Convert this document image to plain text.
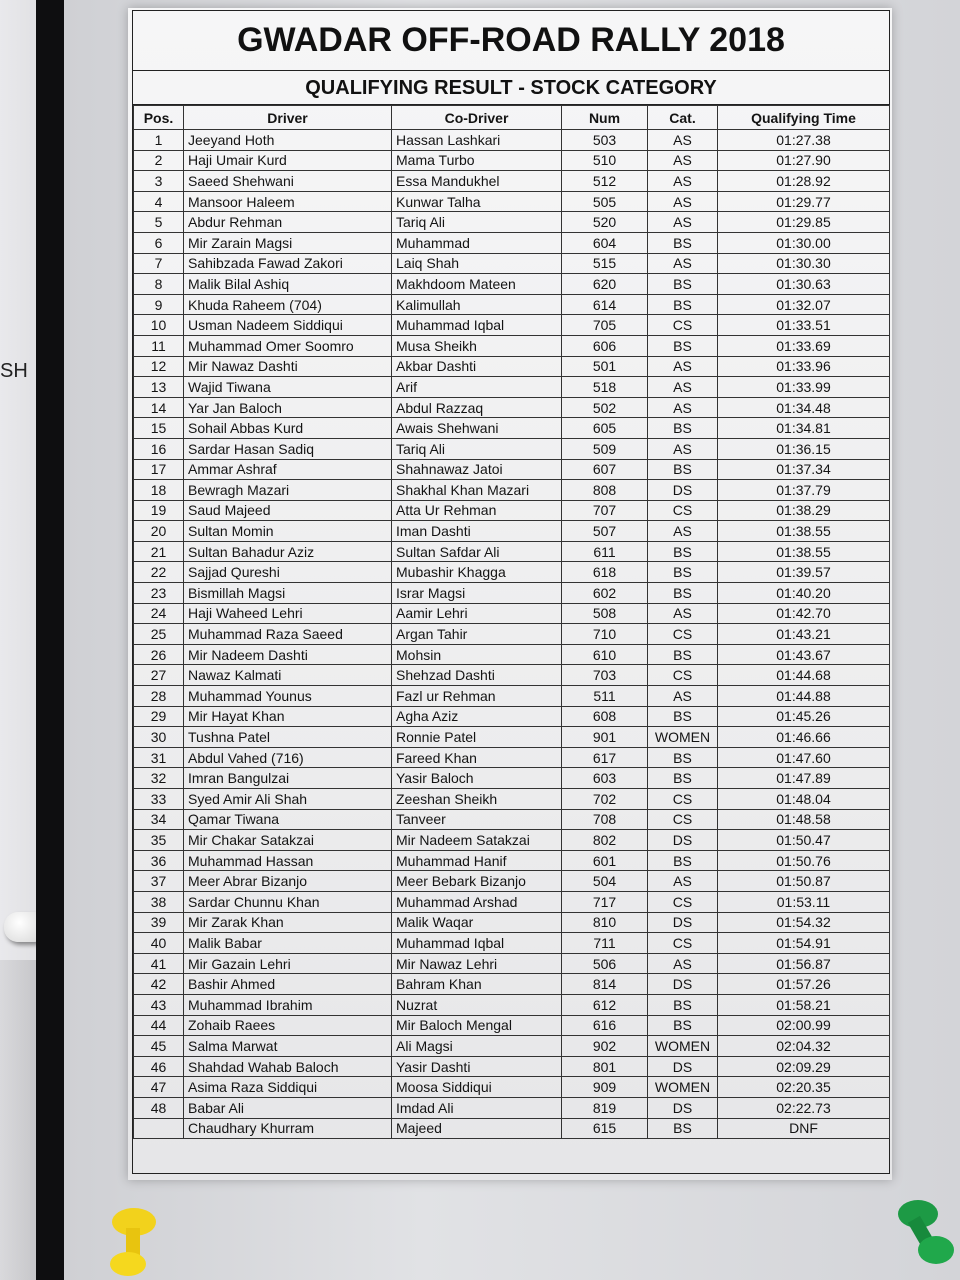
SH
GWADAR OFF-ROAD RALLY 2018
QUALIFYING RESULT - STOCK CATEGORY
Pos.	Driver	Co-Driver	Num	Cat.	Qualifying Time
1	Jeeyand Hoth	Hassan Lashkari	503	AS	01:27.38
2	Haji Umair Kurd	Mama Turbo	510	AS	01:27.90
3	Saeed Shehwani	Essa Mandukhel	512	AS	01:28.92
4	Mansoor Haleem	Kunwar Talha	505	AS	01:29.77
5	Abdur Rehman	Tariq Ali	520	AS	01:29.85
6	Mir Zarain Magsi	Muhammad	604	BS	01:30.00
7	Sahibzada Fawad Zakori	Laiq Shah	515	AS	01:30.30
8	Malik Bilal Ashiq	Makhdoom Mateen	620	BS	01:30.63
9	Khuda Raheem (704)	Kalimullah	614	BS	01:32.07
10	Usman Nadeem Siddiqui	Muhammad Iqbal	705	CS	01:33.51
11	Muhammad Omer Soomro	Musa Sheikh	606	BS	01:33.69
12	Mir Nawaz Dashti	Akbar Dashti	501	AS	01:33.96
13	Wajid Tiwana	Arif	518	AS	01:33.99
14	Yar Jan Baloch	Abdul Razzaq	502	AS	01:34.48
15	Sohail Abbas Kurd	Awais Shehwani	605	BS	01:34.81
16	Sardar Hasan Sadiq	Tariq Ali	509	AS	01:36.15
17	Ammar Ashraf	Shahnawaz Jatoi	607	BS	01:37.34
18	Bewragh Mazari	Shakhal Khan Mazari	808	DS	01:37.79
19	Saud Majeed	Atta Ur Rehman	707	CS	01:38.29
20	Sultan Momin	Iman Dashti	507	AS	01:38.55
21	Sultan Bahadur Aziz	Sultan Safdar Ali	611	BS	01:38.55
22	Sajjad Qureshi	Mubashir Khagga	618	BS	01:39.57
23	Bismillah Magsi	Israr Magsi	602	BS	01:40.20
24	Haji Waheed Lehri	Aamir Lehri	508	AS	01:42.70
25	Muhammad Raza Saeed	Argan Tahir	710	CS	01:43.21
26	Mir Nadeem Dashti	Mohsin	610	BS	01:43.67
27	Nawaz Kalmati	Shehzad Dashti	703	CS	01:44.68
28	Muhammad Younus	Fazl ur Rehman	511	AS	01:44.88
29	Mir Hayat Khan	Agha Aziz	608	BS	01:45.26
30	Tushna Patel	Ronnie Patel	901	WOMEN	01:46.66
31	Abdul Vahed (716)	Fareed Khan	617	BS	01:47.60
32	Imran Bangulzai	Yasir Baloch	603	BS	01:47.89
33	Syed Amir Ali Shah	Zeeshan Sheikh	702	CS	01:48.04
34	Qamar Tiwana	Tanveer	708	CS	01:48.58
35	Mir Chakar Satakzai	Mir Nadeem Satakzai	802	DS	01:50.47
36	Muhammad Hassan	Muhammad Hanif	601	BS	01:50.76
37	Meer Abrar Bizanjo	Meer Bebark Bizanjo	504	AS	01:50.87
38	Sardar Chunnu Khan	Muhammad Arshad	717	CS	01:53.11
39	Mir Zarak Khan	Malik Waqar	810	DS	01:54.32
40	Malik Babar	Muhammad Iqbal	711	CS	01:54.91
41	Mir Gazain Lehri	Mir Nawaz Lehri	506	AS	01:56.87
42	Bashir Ahmed	Bahram Khan	814	DS	01:57.26
43	Muhammad Ibrahim	Nuzrat	612	BS	01:58.21
44	Zohaib Raees	Mir Baloch Mengal	616	BS	02:00.99
45	Salma Marwat	Ali Magsi	902	WOMEN	02:04.32
46	Shahdad Wahab Baloch	Yasir Dashti	801	DS	02:09.29
47	Asima Raza Siddiqui	Moosa Siddiqui	909	WOMEN	02:20.35
48	Babar Ali	Imdad Ali	819	DS	02:22.73
	Chaudhary Khurram	Majeed	615	BS	DNF
